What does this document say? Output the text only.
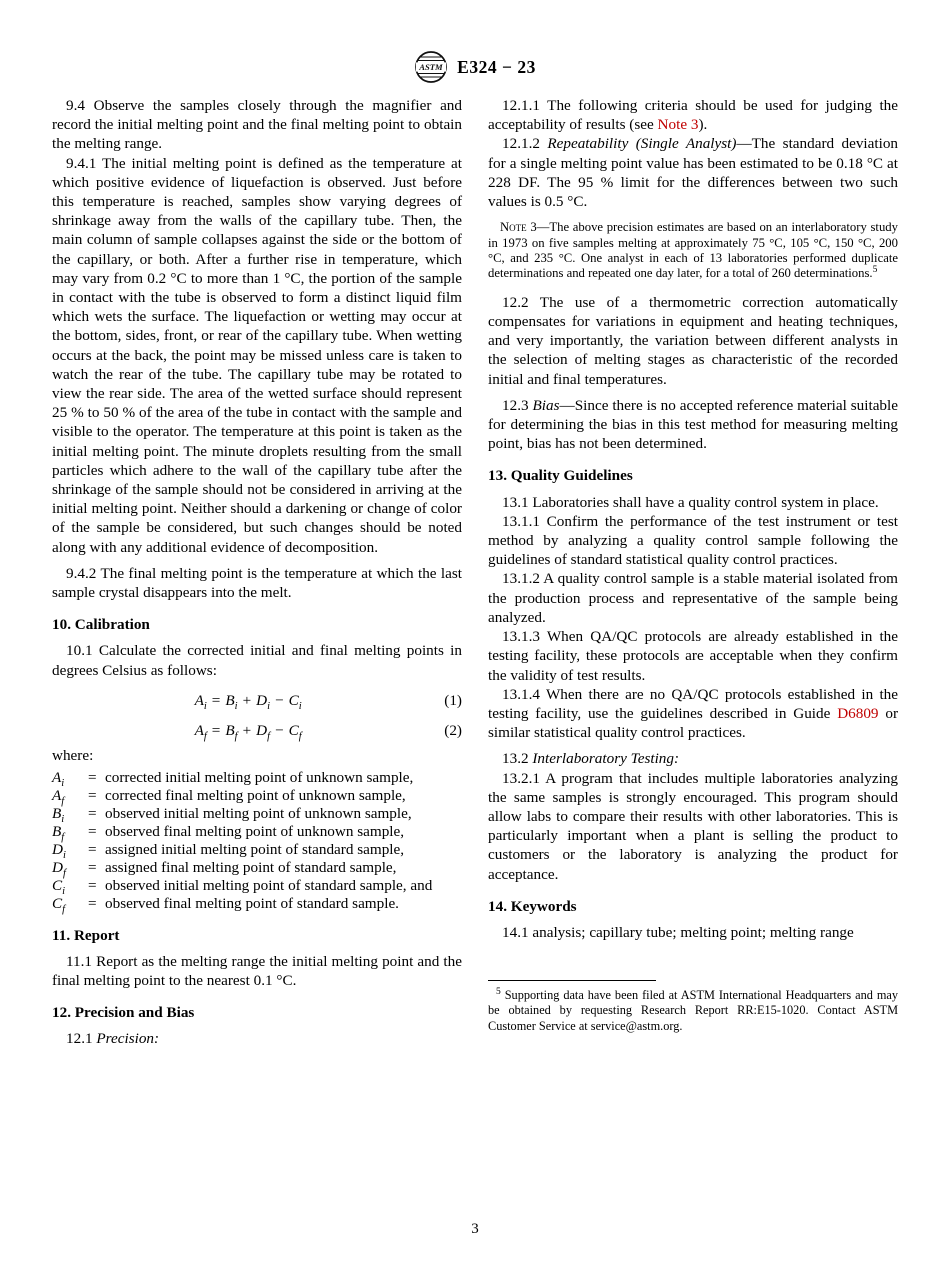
ASTM E324 − 23

9.4 Observe the samples closely through the magnifier and record the initial melting point and the final melting point to obtain the melting range.

9.4.1 The initial melting point is defined as the temperature at which positive evidence of liquefaction is observed. Just before this temperature is reached, samples show varying degrees of shrinkage away from the walls of the capillary tube. Then, the main column of sample collapses against the side or the bottom of the capillary, or both. After a further rise in temperature, which may vary from 0.2 °C to more than 1 °C, the portion of the sample in contact with the tube is observed to form a distinct liquid film which wets the surface. The liquefaction or wetting may occur at the bottom, sides, front, or rear of the capillary tube. When wetting occurs at the back, the point may be missed unless care is taken to watch the rear of the tube. The capillary tube may be rotated to view the rear side. The area of the wetted surface should represent 25 % to 50 % of the area of the tube in contact with the sample and visible to the operator. The temperature at this point is taken as the initial melting point. The minute droplets resulting from the small particles which adhere to the wall of the capillary tube after the shrinkage of the sample should not be considered in arriving at the initial melting point. Neither should a darkening or change of color of the sample be considered, but such changes should be noted along with any additional evidence of decomposition.

9.4.2 The final melting point is the temperature at which the last sample crystal disappears into the melt.

10. Calibration

10.1 Calculate the corrected initial and final melting points in degrees Celsius as follows:

$A_i = B_i + D_i - C_i$	(1)
$A_f = B_f + D_f - C_f$	(2)
where:
$A_i$	= corrected initial melting point of unknown sample,
$A_f$	= corrected final melting point of unknown sample,
$B_i$	= observed initial melting point of unknown sample,
$B_f$	= observed final melting point of unknown sample,
$D_i$	= assigned initial melting point of standard sample,
$D_f$	= assigned final melting point of standard sample,
$C_i$	= observed initial melting point of standard sample, and
$C_f$	= observed final melting point of standard sample.
11. Report

11.1 Report as the melting range the initial melting point and the final melting point to the nearest 0.1 °C.

12. Precision and Bias

12.1 Precision:

12.1.1 The following criteria should be used for judging the acceptability of results (see Note 3).

12.1.2 Repeatability (Single Analyst)—The standard deviation for a single melting point value has been estimated to be 0.18 °C at 228 DF. The 95 % limit for the differences between two such values is 0.5 °C.

Note 3—The above precision estimates are based on an interlaboratory study in 1973 on five samples melting at approximately 75 °C, 105 °C, 150 °C, 200 °C, and 235 °C. One analyst in each of 13 laboratories performed duplicate determinations and repeated one day later, for a total of 260 determinations.$^5$

12.2 The use of a thermometric correction automatically compensates for variations in equipment and heating techniques, and very importantly, the variation between different analysts in the selection of melting stages as characteristic of the recorded initial and final temperatures.

12.3 Bias—Since there is no accepted reference material suitable for determining the bias in this test method for measuring melting point, bias has not been determined.

13. Quality Guidelines

13.1 Laboratories shall have a quality control system in place.

13.1.1 Confirm the performance of the test instrument or test method by analyzing a quality control sample following the guidelines of standard statistical quality control practices.

13.1.2 A quality control sample is a stable material isolated from the production process and representative of the sample being analyzed.

13.1.3 When QA/QC protocols are already established in the testing facility, these protocols are acceptable when they confirm the validity of test results.

13.1.4 When there are no QA/QC protocols established in the testing facility, use the guidelines described in Guide D6809 or similar statistical quality control practices.

13.2 Interlaboratory Testing:

13.2.1 A program that includes multiple laboratories analyzing the same samples is strongly encouraged. This program should allow labs to compare their results with other laboratories. This is particularly important when a plant is selling the product to customers or the laboratory is analyzing the product for acceptance.

14. Keywords

14.1 analysis; capillary tube; melting point; melting range

$^5$ Supporting data have been filed at ASTM International Headquarters and may be obtained by requesting Research Report RR:E15-1020. Contact ASTM Customer Service at service@astm.org.
3
